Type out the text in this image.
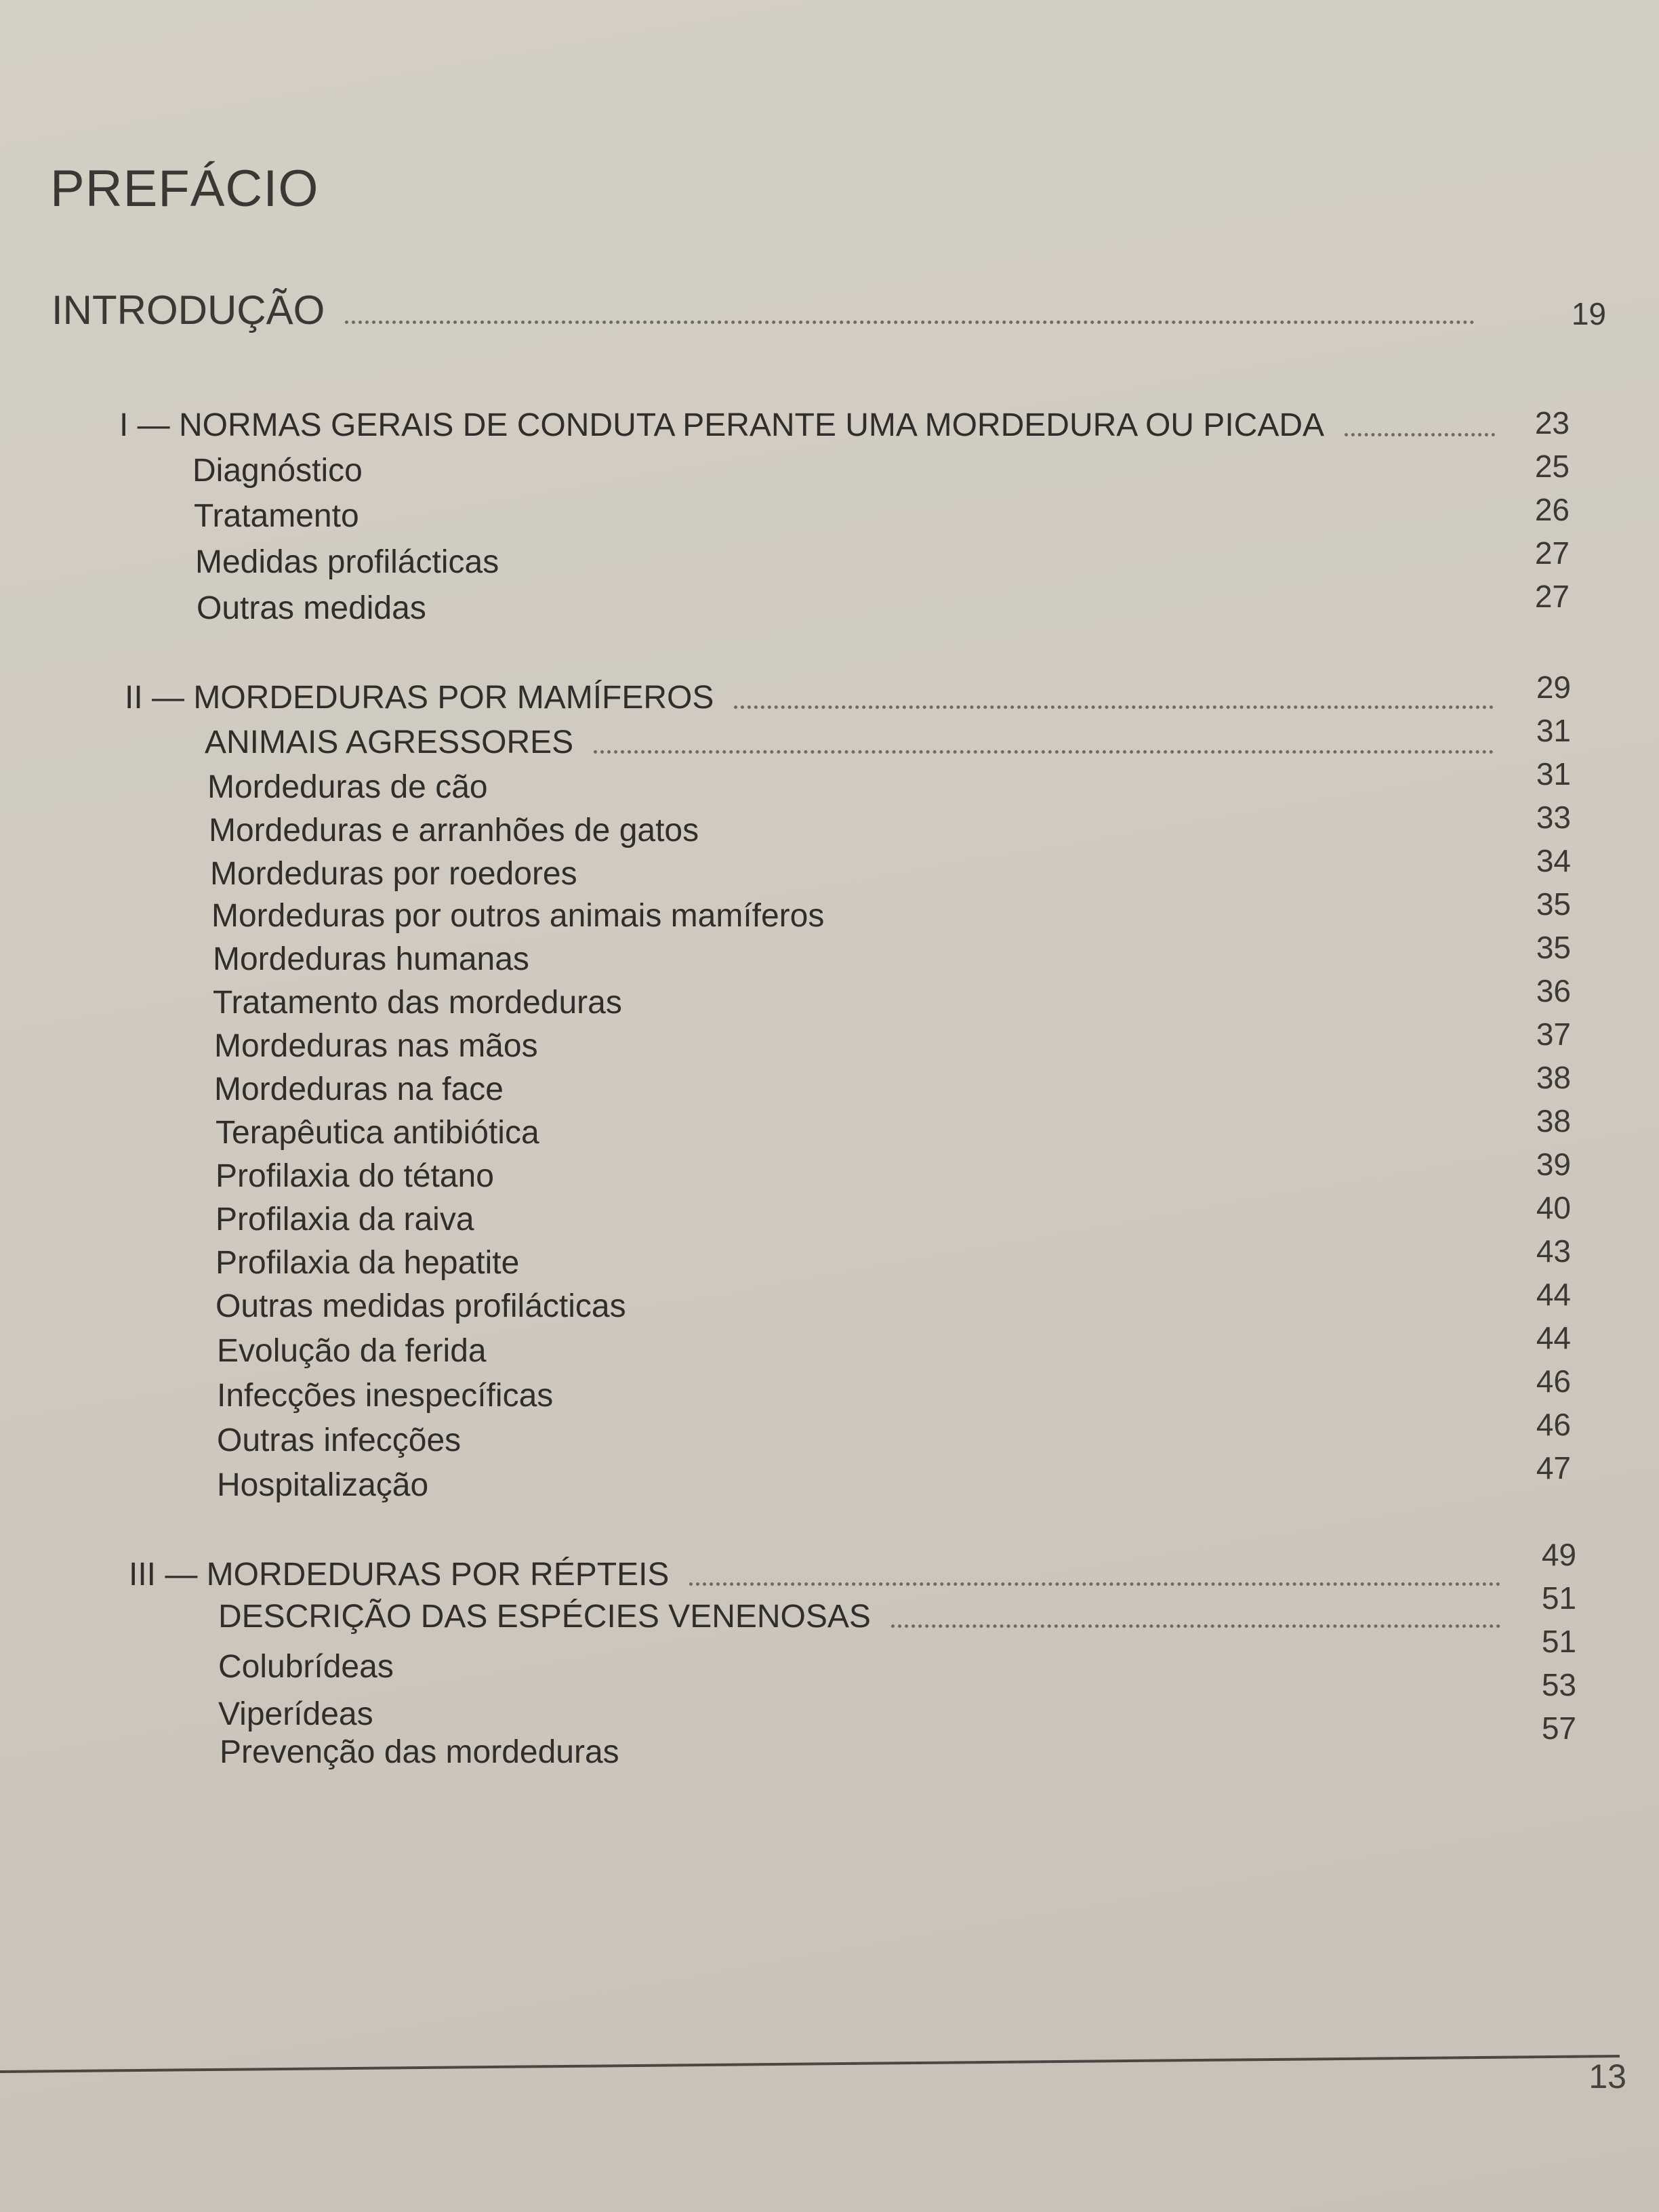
PREFÁCIO
INTRODUÇÃO	19
I — NORMAS GERAIS DE CONDUTA PERANTE UMA MORDEDURA OU PICADA
Diagnóstico
Tratamento
Medidas profilácticas
Outras medidas
23
25
26
27
27
II — MORDEDURAS POR MAMÍFEROS
ANIMAIS AGRESSORES
Mordeduras de cão
Mordeduras e arranhões de gatos
Mordeduras por roedores
Mordeduras por outros animais mamíferos
Mordeduras humanas
Tratamento das mordeduras
Mordeduras nas mãos
Mordeduras na face
Terapêutica antibiótica
Profilaxia do tétano
Profilaxia da raiva
Profilaxia da hepatite
Outras medidas profilácticas
Evolução da ferida
Infecções inespecíficas
Outras infecções
Hospitalização
29
31
31
33
34
35
35
36
37
38
38
39
40
43
44
44
46
46
47
III — MORDEDURAS POR RÉPTEIS
DESCRIÇÃO DAS ESPÉCIES VENENOSAS
Colubrídeas
Viperídeas
Prevenção das mordeduras
49
51
51
53
57
13
